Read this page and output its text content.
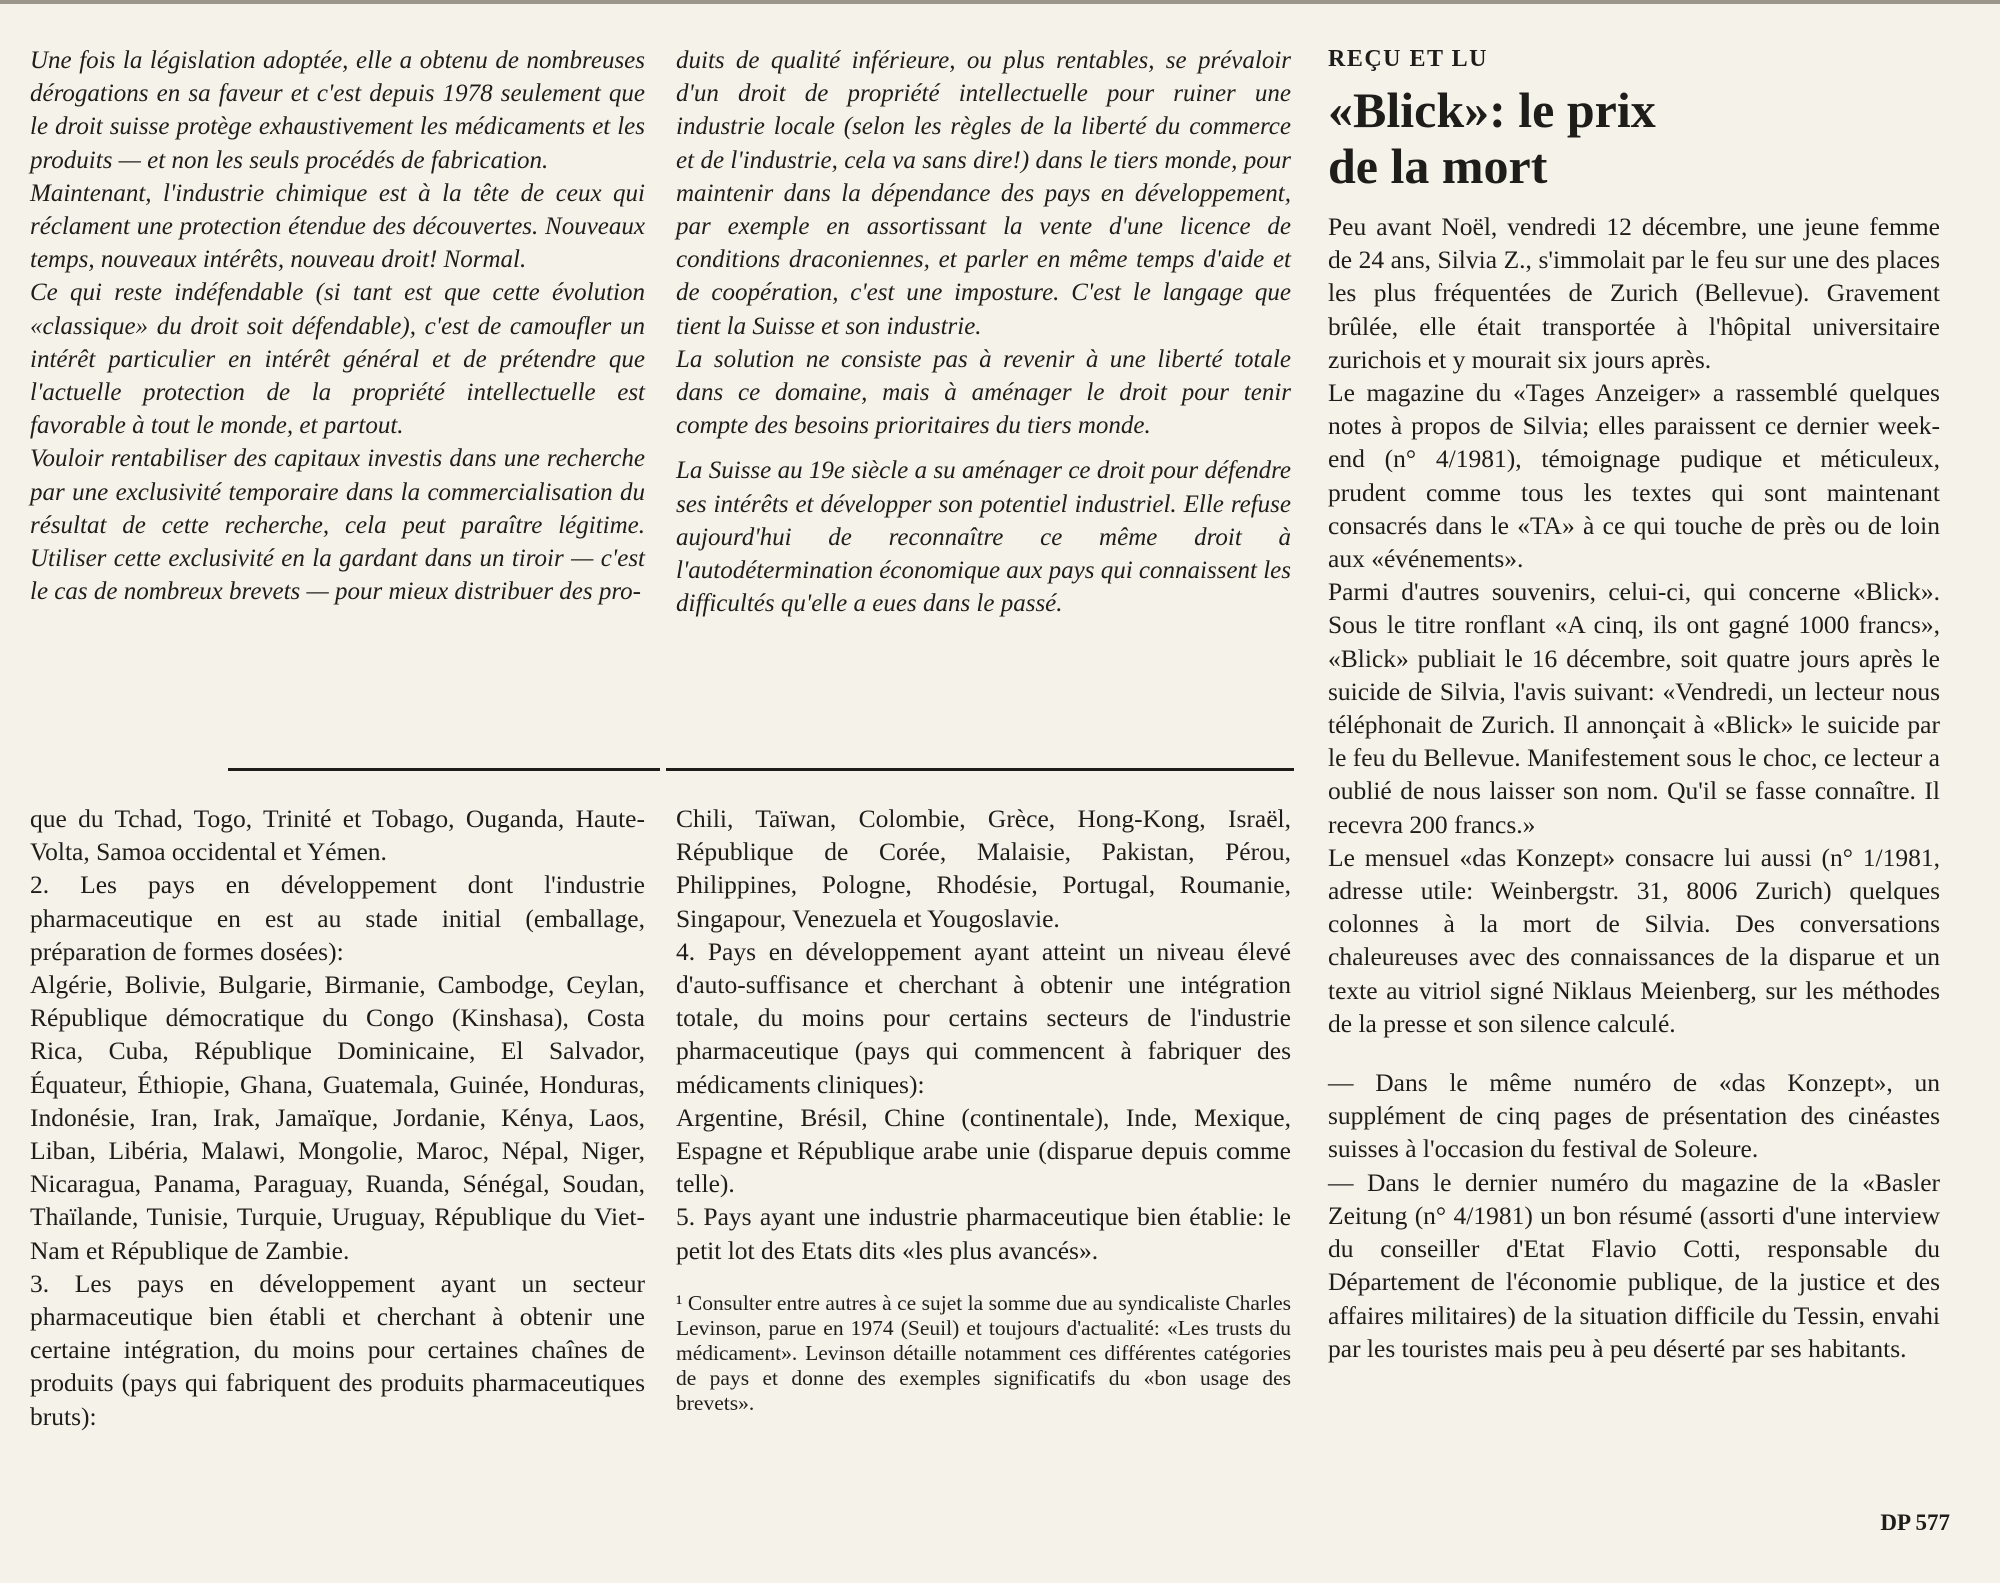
Une fois la législation adoptée, elle a obtenu de nombreuses dérogations en sa faveur et c'est depuis 1978 seulement que le droit suisse protège exhaustivement les médicaments et les produits — et non les seuls procédés de fabrication.

Maintenant, l'industrie chimique est à la tête de ceux qui réclament une protection étendue des découvertes. Nouveaux temps, nouveaux intérêts, nouveau droit! Normal.

Ce qui reste indéfendable (si tant est que cette évolution «classique» du droit soit défendable), c'est de camoufler un intérêt particulier en intérêt général et de prétendre que l'actuelle protection de la propriété intellectuelle est favorable à tout le monde, et partout.

Vouloir rentabiliser des capitaux investis dans une recherche par une exclusivité temporaire dans la commercialisation du résultat de cette recherche, cela peut paraître légitime. Utiliser cette exclusivité en la gardant dans un tiroir — c'est le cas de nombreux brevets — pour mieux distribuer des pro-

duits de qualité inférieure, ou plus rentables, se prévaloir d'un droit de propriété intellectuelle pour ruiner une industrie locale (selon les règles de la liberté du commerce et de l'industrie, cela va sans dire!) dans le tiers monde, pour maintenir dans la dépendance des pays en développement, par exemple en assortissant la vente d'une licence de conditions draconiennes, et parler en même temps d'aide et de coopération, c'est une imposture. C'est le langage que tient la Suisse et son industrie.

La solution ne consiste pas à revenir à une liberté totale dans ce domaine, mais à aménager le droit pour tenir compte des besoins prioritaires du tiers monde.

La Suisse au 19e siècle a su aménager ce droit pour défendre ses intérêts et développer son potentiel industriel. Elle refuse aujourd'hui de reconnaître ce même droit à l'autodétermination économique aux pays qui connaissent les difficultés qu'elle a eues dans le passé.

que du Tchad, Togo, Trinité et Tobago, Ouganda, Haute-Volta, Samoa occidental et Yémen.

2. Les pays en développement dont l'industrie pharmaceutique en est au stade initial (emballage, préparation de formes dosées):

Algérie, Bolivie, Bulgarie, Birmanie, Cambodge, Ceylan, République démocratique du Congo (Kinshasa), Costa Rica, Cuba, République Dominicaine, El Salvador, Équateur, Éthiopie, Ghana, Guatemala, Guinée, Honduras, Indonésie, Iran, Irak, Jamaïque, Jordanie, Kénya, Laos, Liban, Libéria, Malawi, Mongolie, Maroc, Népal, Niger, Nicaragua, Panama, Paraguay, Ruanda, Sénégal, Soudan, Thaïlande, Tunisie, Turquie, Uruguay, République du Viet-Nam et République de Zambie.

3. Les pays en développement ayant un secteur pharmaceutique bien établi et cherchant à obtenir une certaine intégration, du moins pour certaines chaînes de produits (pays qui fabriquent des produits pharmaceutiques bruts):

Chili, Taïwan, Colombie, Grèce, Hong-Kong, Israël, République de Corée, Malaisie, Pakistan, Pérou, Philippines, Pologne, Rhodésie, Portugal, Roumanie, Singapour, Venezuela et Yougoslavie.

4. Pays en développement ayant atteint un niveau élevé d'auto-suffisance et cherchant à obtenir une intégration totale, du moins pour certains secteurs de l'industrie pharmaceutique (pays qui commencent à fabriquer des médicaments cliniques):

Argentine, Brésil, Chine (continentale), Inde, Mexique, Espagne et République arabe unie (disparue depuis comme telle).

5. Pays ayant une industrie pharmaceutique bien établie: le petit lot des Etats dits «les plus avancés».

¹ Consulter entre autres à ce sujet la somme due au syndicaliste Charles Levinson, parue en 1974 (Seuil) et toujours d'actualité: «Les trusts du médicament». Levinson détaille notamment ces différentes catégories de pays et donne des exemples significatifs du «bon usage des brevets».

REÇU ET LU
«Blick»: le prix
de la mort

Peu avant Noël, vendredi 12 décembre, une jeune femme de 24 ans, Silvia Z., s'immolait par le feu sur une des places les plus fréquentées de Zurich (Bellevue). Gravement brûlée, elle était transportée à l'hôpital universitaire zurichois et y mourait six jours après.

Le magazine du «Tages Anzeiger» a rassemblé quelques notes à propos de Silvia; elles paraissent ce dernier week-end (n° 4/1981), témoignage pudique et méticuleux, prudent comme tous les textes qui sont maintenant consacrés dans le «TA» à ce qui touche de près ou de loin aux «événements».

Parmi d'autres souvenirs, celui-ci, qui concerne «Blick». Sous le titre ronflant «A cinq, ils ont gagné 1000 francs», «Blick» publiait le 16 décembre, soit quatre jours après le suicide de Silvia, l'avis suivant: «Vendredi, un lecteur nous téléphonait de Zurich. Il annonçait à «Blick» le suicide par le feu du Bellevue. Manifestement sous le choc, ce lecteur a oublié de nous laisser son nom. Qu'il se fasse connaître. Il recevra 200 francs.»

Le mensuel «das Konzept» consacre lui aussi (n° 1/1981, adresse utile: Weinbergstr. 31, 8006 Zurich) quelques colonnes à la mort de Silvia. Des conversations chaleureuses avec des connaissances de la disparue et un texte au vitriol signé Niklaus Meienberg, sur les méthodes de la presse et son silence calculé.

— Dans le même numéro de «das Konzept», un supplément de cinq pages de présentation des cinéastes suisses à l'occasion du festival de Soleure.

— Dans le dernier numéro du magazine de la «Basler Zeitung (n° 4/1981) un bon résumé (assorti d'une interview du conseiller d'Etat Flavio Cotti, responsable du Département de l'économie publique, de la justice et des affaires militaires) de la situation difficile du Tessin, envahi par les touristes mais peu à peu déserté par ses habitants.

DP 577
